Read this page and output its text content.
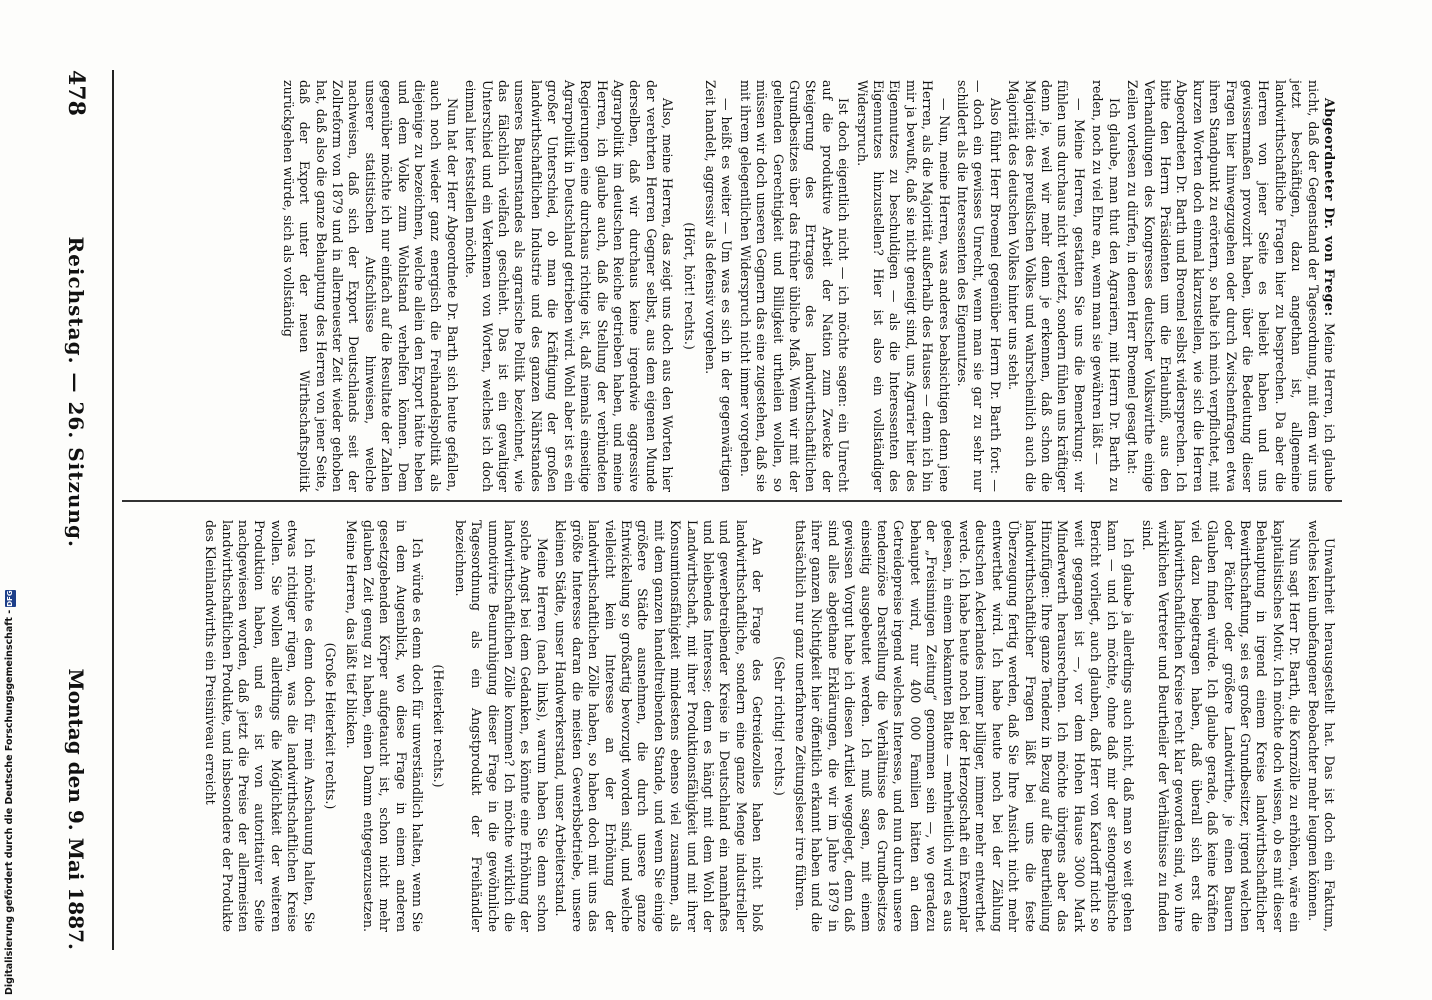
478
Reichstag. — 26. Sitzung.
Montag den 9. Mai 1887.

Abgeordneter Dr. von Frege: Meine Herren, ich glaube nicht, daß der Gegenstand der Tagesordnung, mit dem wir uns jetzt beschäftigen, dazu angethan ist, allgemeine landwirthschaftliche Fragen hier zu besprechen. Da aber die Herren von jener Seite es beliebt haben und uns gewissermaßen provozirt haben, über die Bedeutung dieser Fragen hier hinwegzugehen oder durch Zwischenfragen etwa ihren Standpunkt zu erörtern, so halte ich mich verpflichtet, mit kurzen Worten doch einmal klarzustellen, wie sich die Herren Abgeordneten Dr. Barth und Broemel selbst widersprechen. Ich bitte den Herrn Präsidenten um die Erlaubniß, aus den Verhandlungen des Kongresses deutscher Volkswirthe einige Zeilen vorlesen zu dürfen, in denen Herr Broemel gesagt hat:

Ich glaube, man thut den Agrariern, mit Herrn Dr. Barth zu reden, noch zu viel Ehre an, wenn man sie gewähren läßt —

— Meine Herren, gestatten Sie uns die Bemerkung: wir fühlen uns durchaus nicht verletzt, sondern fühlen uns kräftiger denn je, weil wir mehr denn je erkennen, daß schon die Majorität des preußischen Volkes und wahrscheinlich auch die Majorität des deutschen Volkes hinter uns steht.

Also führt Herr Broemel gegenüber Herrn Dr. Barth fort: — — doch ein gewisses Unrecht, wenn man sie gar zu sehr nur schildert als die Interessenten des Eigennutzes.

— Nun, meine Herren, was anderes beabsichtigen denn jene Herren, als die Majorität außerhalb des Hauses — denn ich bin mir ja bewußt, daß sie nicht geneigt sind, uns Agrarier hier des Eigennutzes zu beschuldigen — als die Interessenten des Eigennutzes hinzustellen? Hier ist also ein vollständiger Widerspruch.

Ist doch eigentlich nicht — ich möchte sagen: ein Unrecht auf die produktive Arbeit der Nation zum Zwecke der Steigerung des Ertrages des landwirthschaftlichen Grundbesitzes über das früher übliche Maß. Wenn wir mit der geltenden Gerechtigkeit und Billigkeit urtheilen wollen, so müssen wir doch unseren Gegnern das eine zugestehen, daß sie mit ihrem gelegentlichen Widerspruch nicht immer vorgehen.

— heißt es weiter — Um was es sich in der gegenwärtigen Zeit handelt, aggressiv als defensiv vorgehen.

(Hört, hört! rechts.)

Also, meine Herren, das zeigt uns doch aus den Worten hier der verehrten Herren Gegner selbst, aus dem eigenen Munde derselben, daß wir durchaus keine irgendwie aggressive Agrarpolitik im deutschen Reiche getrieben haben, und meine Herren, ich glaube auch, daß die Stellung der verbündeten Regierungen eine durchaus richtige ist, daß niemals einseitige Agrarpolitik in Deutschland getrieben wird. Wohl aber ist es ein großer Unterschied, ob man die Kräftigung der großen landwirthschaftlichen Industrie und des ganzen Nährstandes unseres Bauernstandes als agrarische Politik bezeichnet, wie das fälschlich vielfach geschieht. Das ist ein gewaltiger Unterschied und ein Verkennen von Worten, welches ich doch einmal hier feststellen möchte.

Nun hat der Herr Abgeordnete Dr. Barth sich heute gefallen, auch noch wieder ganz energisch die Freihandelspolitik als diejenige zu bezeichnen, welche allein den Export hätte heben und dem Volke zum Wohlstand verhelfen können. Dem gegenüber möchte ich nur einfach auf die Resultate der Zahlen unserer statistischen Aufschlüsse hinweisen, welche nachweisen, daß sich der Export Deutschlands seit der Zollreform von 1879 und in allerneuester Zeit wieder gehoben hat, daß also die ganze Behauptung des Herren von jener Seite, daß der Export unter der neuen Wirthschaftspolitik zurückgehen würde, sich als vollständig

Unwahrheit herausgestellt hat. Das ist doch ein Faktum, welches kein unbefangener Beobachter mehr leugnen können.

Nun sagt Herr Dr. Barth, die Kornzölle zu erhöhen, wäre ein kapitalistisches Motiv. Ich möchte doch wissen, ob es mit dieser Behauptung in irgend einem Kreise landwirthschaftlicher Bewirthschaftung, sei es großer Grundbesitzer, irgend welchen oder Pächter oder größere Landwirthe, je einen Bauern Glauben finden würde. Ich glaube gerade, daß keine Kräften viel dazu beigetragen haben, daß überall sich erst die landwirthschaftlichen Kreise recht klar geworden sind, wo ihre wirklichen Vertreter und Beurtheiler der Verhältnisse zu finden sind.

Ich glaube ja allerdings auch nicht, daß man so weit gehen kann — und ich möchte, ohne daß mir der stenographische Bericht vorliegt, auch glauben, daß Herr von Kardorff nicht so weit gegangen ist —, vor dem Hohen Hause 3000 Mark Minderwerth herausrechnen. Ich möchte übrigens aber das Hinzufügen: Ihre ganze Tendenz in Bezug auf die Beurtheilung landwirthschaftlicher Fragen läßt bei uns die feste Überzeugung fertig werden, daß Sie Ihre Ansicht nicht mehr entwerthet wird. Ich habe heute noch bei der Zählung deutschen Ackerlandes immer billiger, immer mehr entwerthet werde. Ich habe heute noch bei der Herzogschaft ein Exemplar gelesen, in einem bekannten Blatte — mehrheitlich wird es aus der „Freisinnigen Zeitung“ genommen sein —, wo geradezu behauptet wird, nur 400 000 Familien hätten an dem Getreidepreise irgend welches Interesse, und nun durch unsere tendenziöse Darstellung die Verhältnisse des Grundbesitzes einseitig ausgebeutet werden. Ich muß sagen, mit einem gewissen Vorgut habe ich diesen Artikel weggelegt, denn daß sind alles abgethane Erklärungen, die wir im Jahre 1879 in ihrer ganzen Nichtigkeit hier öffentlich erkannt haben und die thatsächlich nur ganz unerfahrene Zeitungsleser irre führen.

(Sehr richtig! rechts.)

An der Frage des Getreidezolles haben nicht bloß landwirthschaftliche, sondern eine ganze Menge industrieller und gewerbetreibender Kreise in Deutschland ein namhaftes und bleibendes Interesse; denn es hängt mit dem Wohl der Landwirthschaft, mit ihrer Produktionsfähigkeit und mit ihrer Konsumtionsfähigkeit mindestens ebenso viel zusammen, als mit dem ganzen handeltreibenden Stande, und wenn Sie einige größere Städte ausnehmen, die durch unsere ganze Entwickelung so großartig bevorzugt worden sind, und welche vielleicht kein Interesse an der Erhöhung der landwirthschaftlichen Zölle haben, so haben doch mit uns das größte Interesse daran die meisten Gewerbsbetriebe, unsere kleinen Städte, unser Handwerkerstand, unser Arbeiterstand.

Meine Herren (nach links), warum haben Sie denn schon solche Angst bei dem Gedanken, es könnte eine Erhöhung der landwirthschaftlichen Zölle kommen? Ich möchte wirklich die unmotivirte Beunruhigung dieser Frage in die gewöhnliche Tagesordnung als ein Angstprodukt der Freihändler bezeichnen.

(Heiterkeit rechts.)

Ich würde es denn doch für unverständlich halten, wenn Sie in dem Augenblick, wo diese Frage in einem anderen gesetzgebenden Körper aufgetaucht ist, schon nicht mehr glauben Zeit genug zu haben, einen Damm entgegenzusetzen. Meine Herren, das läßt tief blicken.

(Große Heiterkeit rechts.)

Ich möchte es denn doch für mein Anschauung halten, Sie etwas richtiger rügen, was die landwirthschaftlichen Kreise wollen. Sie wollen allerdings die Möglichkeit der weiteren Produktion haben, und es ist von autoritativer Seite nachgewiesen worden, daß jetzt die Preise der allermeisten landwirthschaftlichen Produkte, und insbesondere der Produkte des Kleinlandwirths ein Preisniveau erreicht

Digitalisierung gefördert durch die Deutsche Forschungsgemeinschaft -
DFG
